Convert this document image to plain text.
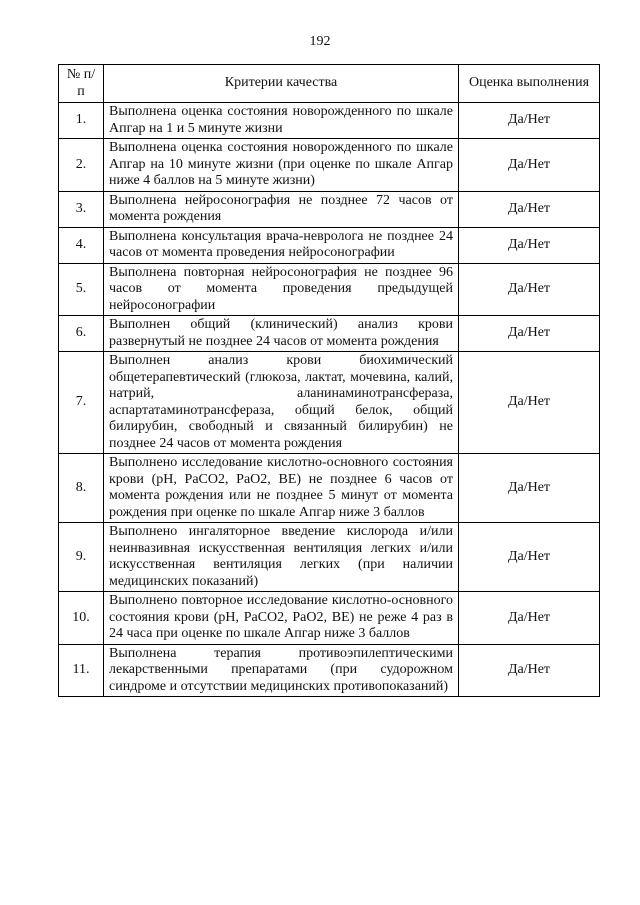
192
№ п/п	Критерии качества	Оценка выполнения
1.	Выполнена оценка состояния новорожденного по шкале Апгар на 1 и 5 минуте жизни	Да/Нет
2.	Выполнена оценка состояния новорожденного по шкале Апгар на 10 минуте жизни (при оценке по шкале Апгар ниже 4 баллов на 5 минуте жизни)	Да/Нет
3.	Выполнена нейросонография не позднее 72 часов от момента рождения	Да/Нет
4.	Выполнена консультация врача-невролога не позднее 24 часов от момента проведения нейросонографии	Да/Нет
5.	Выполнена повторная нейросонография не позднее 96 часов от момента проведения предыдущей нейросонографии	Да/Нет
6.	Выполнен общий (клинический) анализ крови развернутый не позднее 24 часов от момента рождения	Да/Нет
7.	Выполнен анализ крови биохимический общетерапевтический (глюкоза, лактат, мочевина, калий, натрий, аланинаминотрансфераза, аспартатаминотрансфераза, общий белок, общий билирубин, свободный и связанный билирубин) не позднее 24 часов от момента рождения	Да/Нет
8.	Выполнено исследование кислотно-основного состояния крови (pH, PaCO2, PaO2, BE) не позднее 6 часов от момента рождения или не позднее 5 минут от момента рождения при оценке по шкале Апгар ниже 3 баллов	Да/Нет
9.	Выполнено ингаляторное введение кислорода и/или неинвазивная искусственная вентиляция легких и/или искусственная вентиляция легких (при наличии медицинских показаний)	Да/Нет
10.	Выполнено повторное исследование кислотно-основного состояния крови (pH, PaCO2, PaO2, BE) не реже 4 раз в 24 часа при оценке по шкале Апгар ниже 3 баллов	Да/Нет
11.	Выполнена терапия противоэпилептическими лекарственными препаратами (при судорожном синдроме и отсутствии медицинских противопоказаний)	Да/Нет
